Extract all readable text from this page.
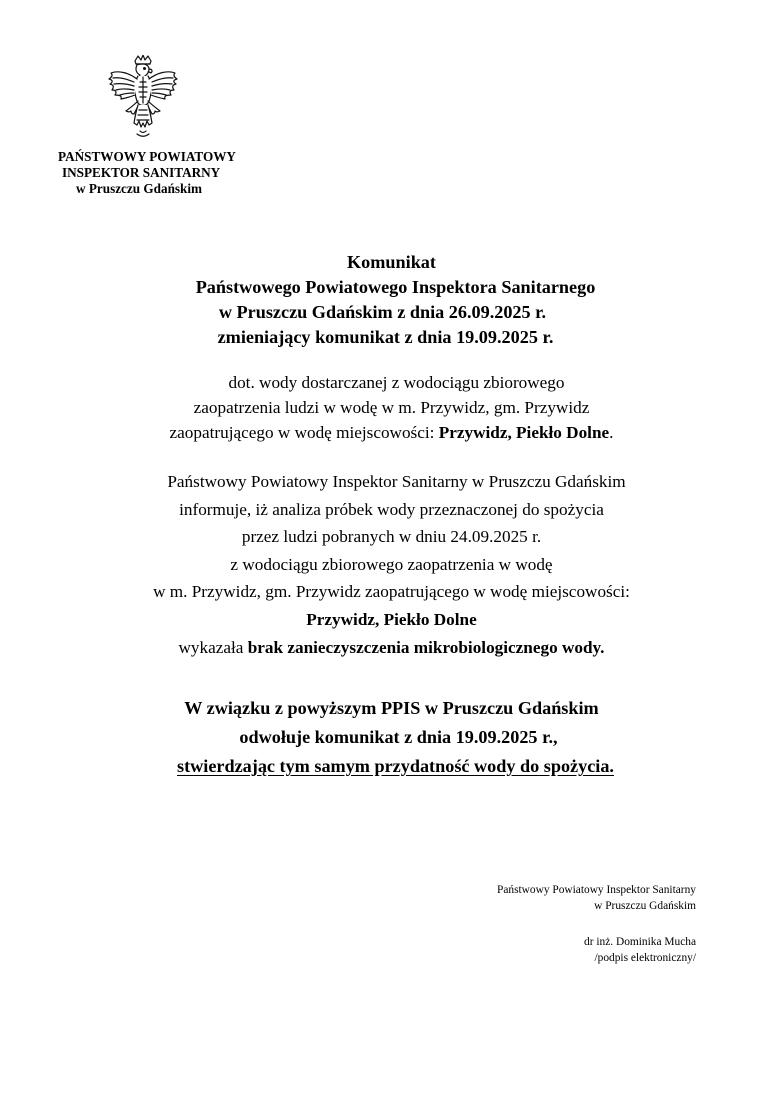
PAŃSTWOWY POWIATOWY
INSPEKTOR SANITARNY
w Pruszczu Gdańskim
Komunikat
Państwowego Powiatowego Inspektora Sanitarnego
w Pruszczu Gdańskim z dnia 26.09.2025 r.
zmieniający komunikat z dnia 19.09.2025 r.
dot. wody dostarczanej z wodociągu zbiorowego
zaopatrzenia ludzi w wodę w m. Przywidz, gm. Przywidz
zaopatrującego w wodę miejscowości: Przywidz, Piekło Dolne.
Państwowy Powiatowy Inspektor Sanitarny w Pruszczu Gdańskim
informuje, iż analiza próbek wody przeznaczonej do spożycia
przez ludzi pobranych w dniu 24.09.2025 r.
z wodociągu zbiorowego zaopatrzenia w wodę
w m. Przywidz, gm. Przywidz zaopatrującego w wodę miejscowości:
Przywidz, Piekło Dolne
wykazała brak zanieczyszczenia mikrobiologicznego wody.
W związku z powyższym PPIS w Pruszczu Gdańskim
odwołuje komunikat z dnia 19.09.2025 r.,
stwierdzając tym samym przydatność wody do spożycia.
Państwowy Powiatowy Inspektor Sanitarny
w Pruszczu Gdańskim
dr inż. Dominika Mucha
/podpis elektroniczny/
